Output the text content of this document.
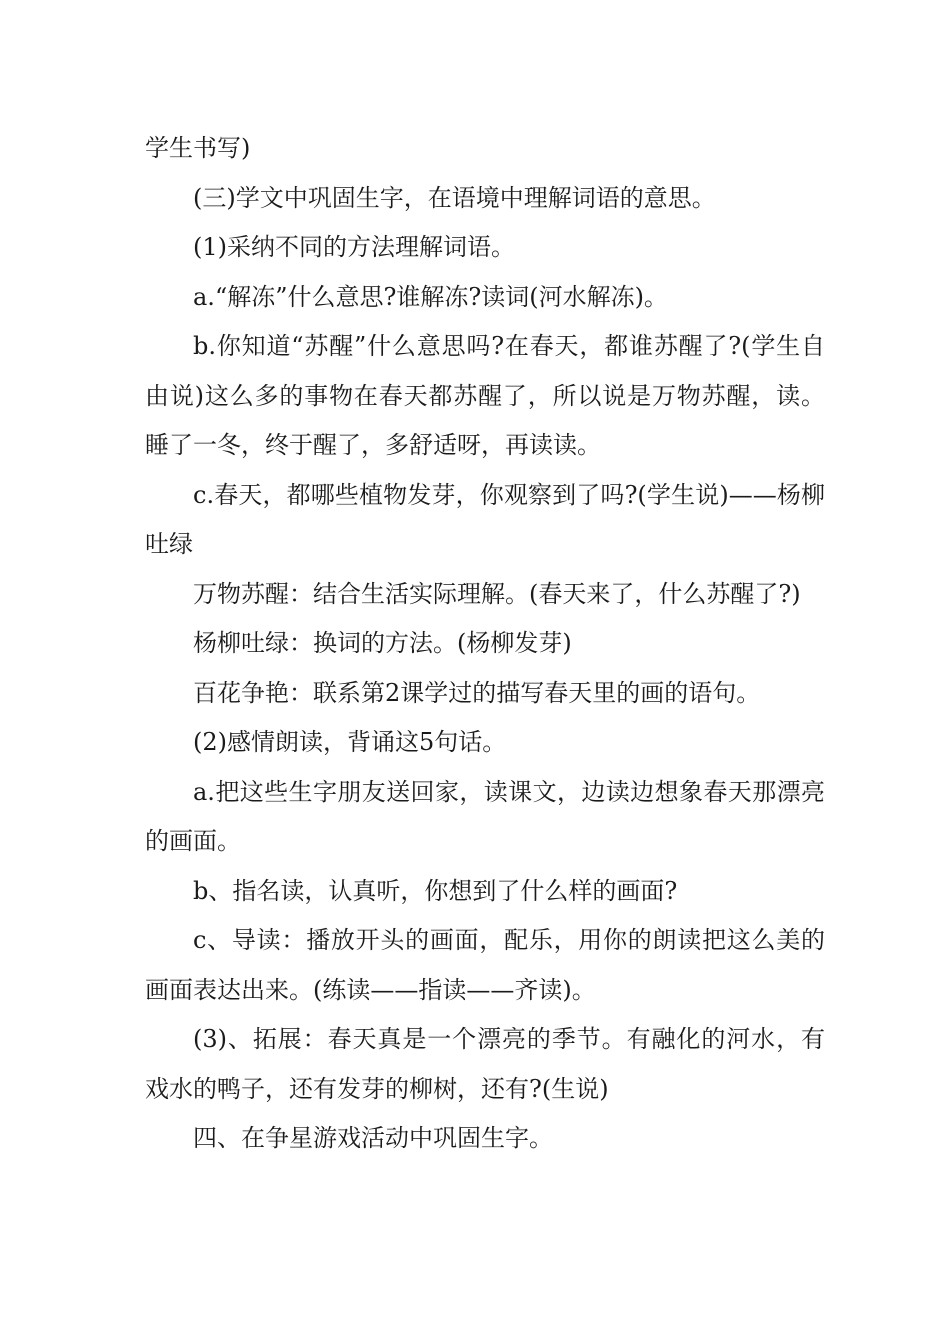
学生书写)

(三)学文中巩固生字，在语境中理解词语的意思。

(1)采纳不同的方法理解词语。

a.“解冻”什么意思?谁解冻?读词(河水解冻)。

b.你知道“苏醒”什么意思吗?在春天，都谁苏醒了?(学生自由说)这么多的事物在春天都苏醒了，所以说是万物苏醒，读。睡了一冬，终于醒了，多舒适呀，再读读。

c.春天，都哪些植物发芽，你观察到了吗?(学生说)——杨柳吐绿

万物苏醒：结合生活实际理解。(春天来了，什么苏醒了?)

杨柳吐绿：换词的方法。(杨柳发芽)

百花争艳：联系第2课学过的描写春天里的画的语句。

(2)感情朗读，背诵这5句话。

a.把这些生字朋友送回家，读课文，边读边想象春天那漂亮的画面。

b、指名读，认真听，你想到了什么样的画面?

c、导读：播放开头的画面，配乐，用你的朗读把这么美的画面表达出来。(练读——指读——齐读)。

(3)、拓展：春天真是一个漂亮的季节。有融化的河水，有戏水的鸭子，还有发芽的柳树，还有?(生说)

四、在争星游戏活动中巩固生字。
